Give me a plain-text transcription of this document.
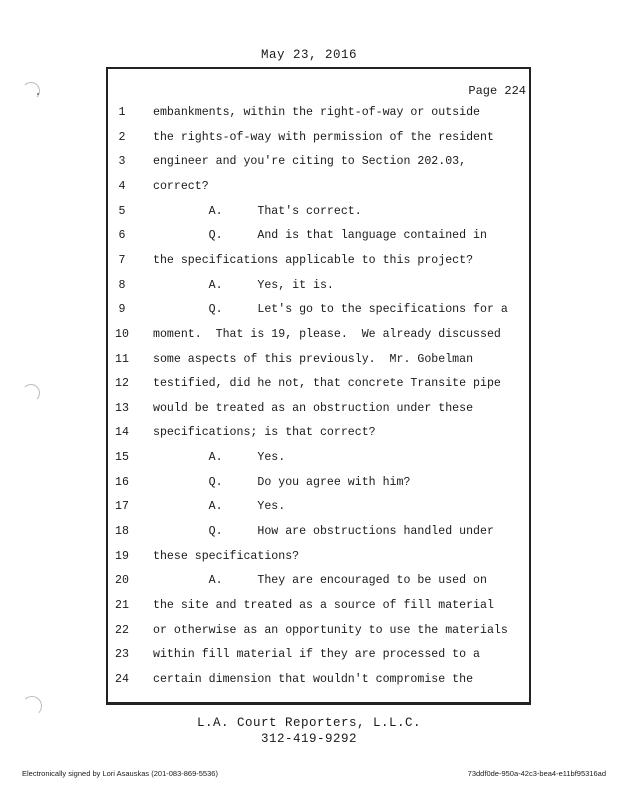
May 23, 2016
Page 224
1	embankments, within the right-of-way or outside
2	the rights-of-way with permission of the resident
3	engineer and you're citing to Section 202.03,
4	correct?
5	A.     That's correct.
6	Q.     And is that language contained in
7	the specifications applicable to this project?
8	A.     Yes, it is.
9	Q.     Let's go to the specifications for a
10	moment.  That is 19, please.  We already discussed
11	some aspects of this previously.  Mr. Gobelman
12	testified, did he not, that concrete Transite pipe
13	would be treated as an obstruction under these
14	specifications; is that correct?
15	A.     Yes.
16	Q.     Do you agree with him?
17	A.     Yes.
18	Q.     How are obstructions handled under
19	these specifications?
20	A.     They are encouraged to be used on
21	the site and treated as a source of fill material
22	or otherwise as an opportunity to use the materials
23	within fill material if they are processed to a
24	certain dimension that wouldn't compromise the
L.A. Court Reporters, L.L.C.
312-419-9292
Electronically signed by Lori Asauskas (201-083-869-5536)	73ddf0de-950a-42c3-bea4-e11bf95316ad
